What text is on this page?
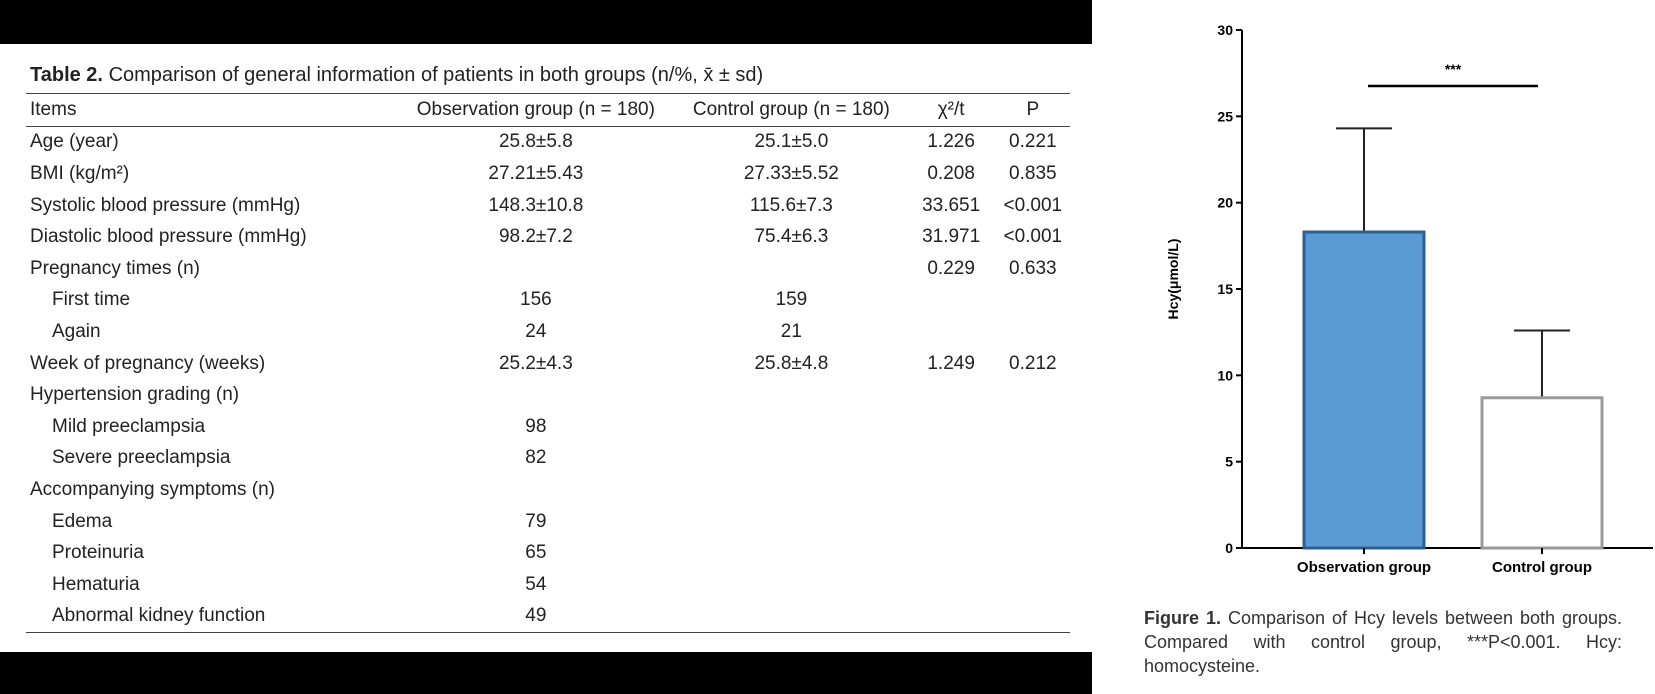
Table 2. Comparison of general information of patients in both groups (n/%, x̄ ± sd)
Items	Observation group (n = 180)	Control group (n = 180)	χ²/t	P
Age (year)	25.8±5.8	25.1±5.0	1.226	0.221
BMI (kg/m²)	27.21±5.43	27.33±5.52	0.208	0.835
Systolic blood pressure (mmHg)	148.3±10.8	115.6±7.3	33.651	<0.001
Diastolic blood pressure (mmHg)	98.2±7.2	75.4±6.3	31.971	<0.001
Pregnancy times (n)			0.229	0.633
First time	156	159		
Again	24	21		
Week of pregnancy (weeks)	25.2±4.3	25.8±4.8	1.249	0.212
Hypertension grading (n)				
Mild preeclampsia	98			
Severe preeclampsia	82			
Accompanying symptoms (n)				
Edema	79			
Proteinuria	65			
Hematuria	54			
Abnormal kidney function	49			
0
5
10
15
20
25
30
Hcy(μmol/L)
Observation group	Control group
***
Figure 1. Comparison of Hcy levels between both groups. Compared with control group, ***P<0.001. Hcy: homocysteine.
